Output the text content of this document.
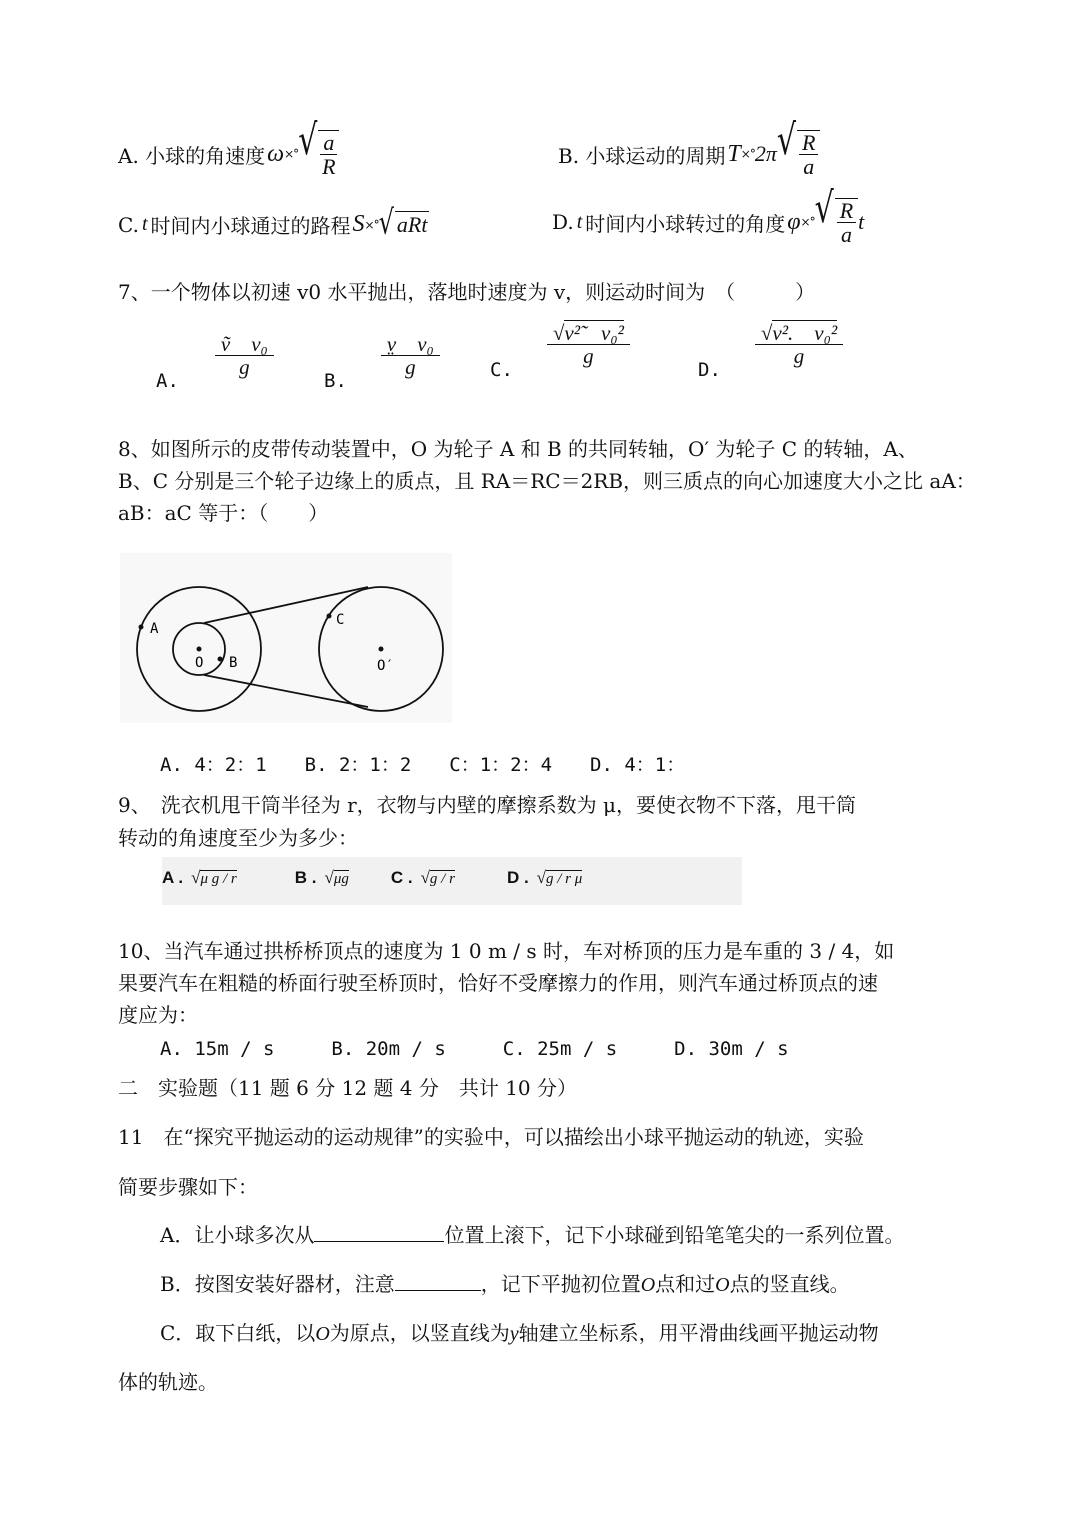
A. 小球的角速度 ω ×° √ $\frac{a}{R}$	B. 小球运动的周期 T ×° 2π √ $\frac{R}{a}$
C. t 时间内小球通过的路程 S ×° √ aRt	D. t 时间内小球转过的角度 φ ×° √ $\frac{R}{a}$ t
7、一个物体以初速 v0 水平抛出，落地时速度为 v，则运动时间为　（　　　）
A.
$\frac{\text{ṽ　v₀}}{g}$
B.
$\frac{\text{v̤　v₀}}{g}$	C.
$\frac{\text{√v²̃　v₀²}}{g}$
D.
$\frac{\text{√v².　v₀²}}{g}$
8、如图所示的皮带传动装置中，O 为轮子 A 和 B 的共同转轴，O′ 为轮子 C 的转轴，A、
B、C 分别是三个轮子边缘上的质点，且 RA＝RC＝2RB，则三质点的向心加速度大小之比 aA：
aB：aC 等于：（　　）
A
B
C
O	O′
A. 4：2：1　　B. 2：1：2　　C：1：2：4　　D. 4：1：
9、　洗衣机甩干筒半径为 r，衣物与内壁的摩擦系数为 μ，要使衣物不下落，甩干筒
转动的角速度至少为多少：
A . √μ g / r	B . √μg C . √g / r	D . √g / r μ
10、当汽车通过拱桥桥顶点的速度为 1 0 m / s 时，车对桥顶的压力是车重的 3 / 4，如
果要汽车在粗糙的桥面行驶至桥顶时，恰好不受摩擦力的作用，则汽车通过桥顶点的速
度应为：
A. 15m / s　　　B. 20m / s　　　C. 25m / s　　　D. 30m / s
二　实验题（11 题 6 分 12 题 4 分　共计 10 分）
11　在“探究平抛运动的运动规律”的实验中，可以描绘出小球平抛运动的轨迹，实验
简要步骤如下：
A．让小球多次从	位置上滚下，记下小球碰到铅笔笔尖的一系列位置。
B．按图安装好器材，注意	，记下平抛初位置O点和过O点的竖直线。
C．取下白纸，以O为原点，以竖直线为y轴建立坐标系，用平滑曲线画平抛运动物
体的轨迹。
